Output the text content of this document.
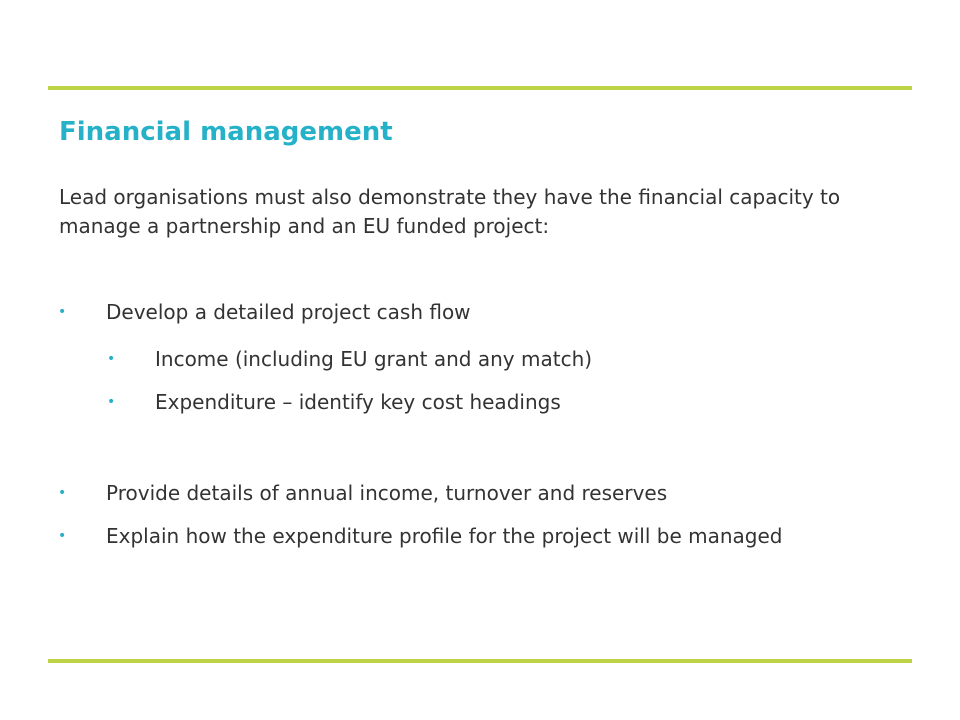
Financial management

Lead organisations must also demonstrate they have the financial capacity to manage a partnership and an EU funded project:

• Develop a detailed project cash flow
• Income (including EU grant and any match)
• Expenditure – identify key cost headings
• Provide details of annual income, turnover and reserves
• Explain how the expenditure profile for the project will be managed
